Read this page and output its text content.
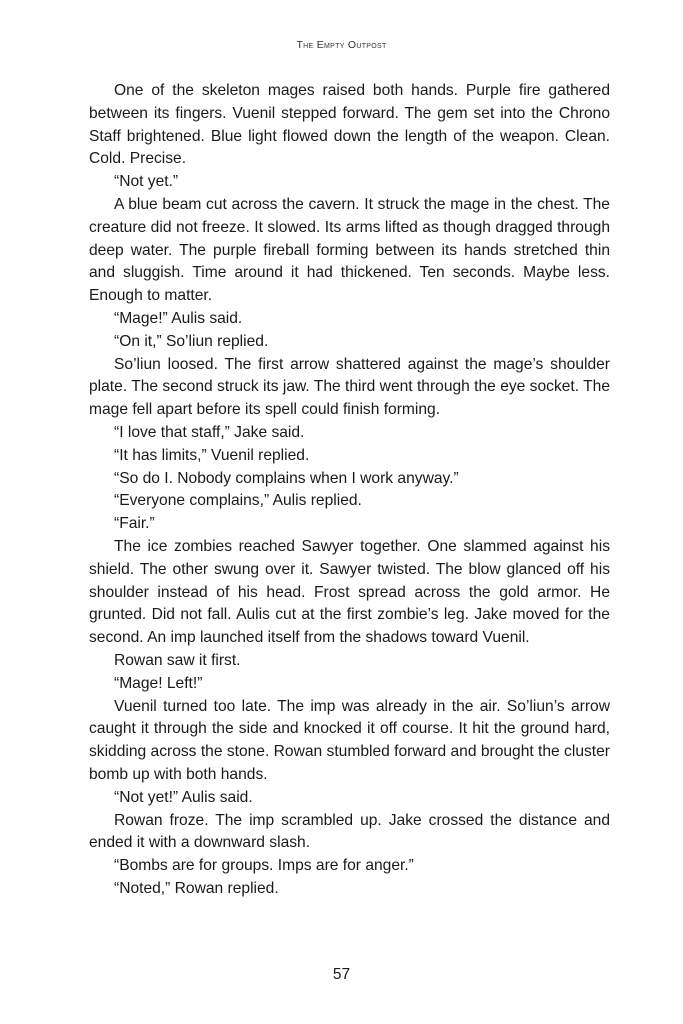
The Empty Outpost

One of the skeleton mages raised both hands. Purple fire gathered between its fingers. Vuenil stepped forward. The gem set into the Chrono Staff brightened. Blue light flowed down the length of the weapon. Clean. Cold. Precise.

“Not yet.”

A blue beam cut across the cavern. It struck the mage in the chest. The creature did not freeze. It slowed. Its arms lifted as though dragged through deep water. The purple fireball forming between its hands stretched thin and sluggish. Time around it had thickened. Ten seconds. Maybe less. Enough to matter.

“Mage!” Aulis said.

“On it,” So’liun replied.

So’liun loosed. The first arrow shattered against the mage’s shoulder plate. The second struck its jaw. The third went through the eye socket. The mage fell apart before its spell could finish forming.

“I love that staff,” Jake said.

“It has limits,” Vuenil replied.

“So do I. Nobody complains when I work anyway.”

“Everyone complains,” Aulis replied.

“Fair.”

The ice zombies reached Sawyer together. One slammed against his shield. The other swung over it. Sawyer twisted. The blow glanced off his shoulder instead of his head. Frost spread across the gold armor. He grunted. Did not fall. Aulis cut at the first zombie’s leg. Jake moved for the second. An imp launched itself from the shadows toward Vuenil.

Rowan saw it first.

“Mage! Left!”

Vuenil turned too late. The imp was already in the air. So’liun’s arrow caught it through the side and knocked it off course. It hit the ground hard, skidding across the stone. Rowan stumbled forward and brought the cluster bomb up with both hands.

“Not yet!” Aulis said.

Rowan froze. The imp scrambled up. Jake crossed the distance and ended it with a downward slash.

“Bombs are for groups. Imps are for anger.”

“Noted,” Rowan replied.

57
